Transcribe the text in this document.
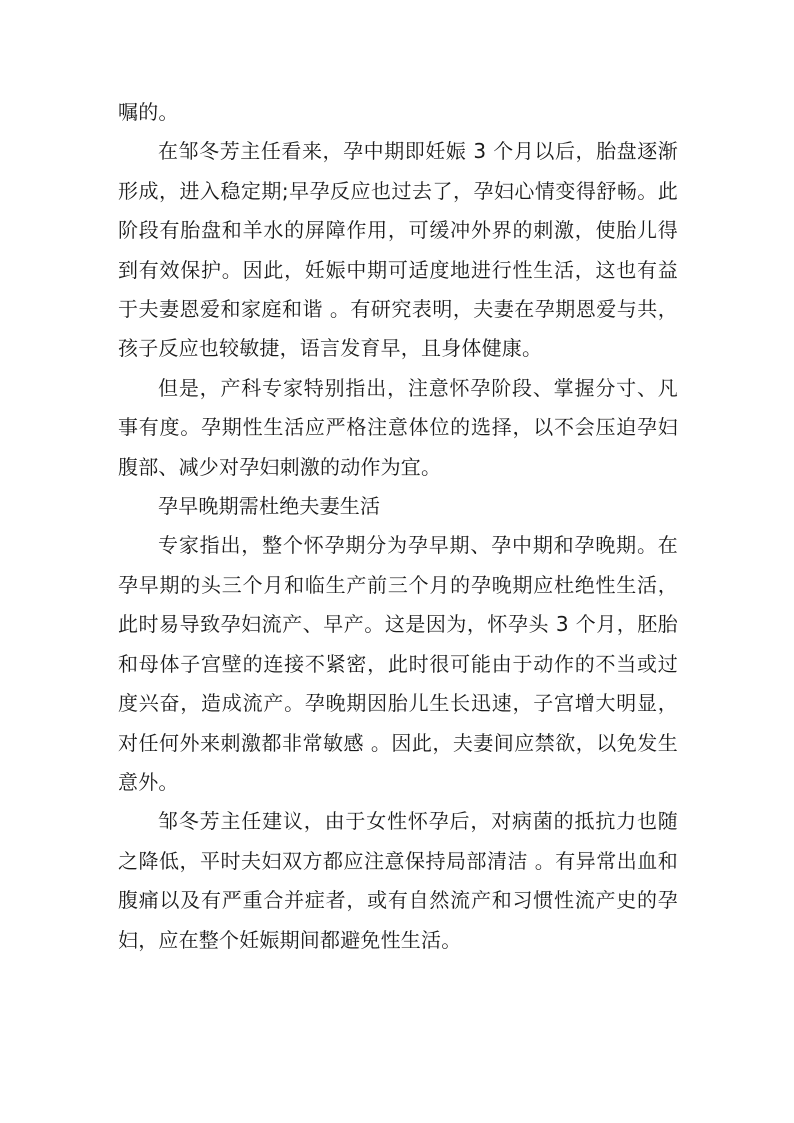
嘱的。

在邹冬芳主任看来，孕中期即妊娠 3 个月以后，胎盘逐渐形成，进入稳定期;早孕反应也过去了，孕妇心情变得舒畅。此阶段有胎盘和羊水的屏障作用，可缓冲外界的刺激，使胎儿得到有效保护。因此，妊娠中期可适度地进行性生活，这也有益于夫妻恩爱和家庭和谐 。有研究表明，夫妻在孕期恩爱与共，孩子反应也较敏捷，语言发育早，且身体健康。

但是，产科专家特别指出，注意怀孕阶段、掌握分寸、凡事有度。孕期性生活应严格注意体位的选择，以不会压迫孕妇腹部、减少对孕妇刺激的动作为宜。

孕早晚期需杜绝夫妻生活

专家指出，整个怀孕期分为孕早期、孕中期和孕晚期。在孕早期的头三个月和临生产前三个月的孕晚期应杜绝性生活，此时易导致孕妇流产、早产。这是因为，怀孕头 3 个月，胚胎和母体子宫壁的连接不紧密，此时很可能由于动作的不当或过度兴奋，造成流产。孕晚期因胎儿生长迅速，子宫增大明显，对任何外来刺激都非常敏感 。因此，夫妻间应禁欲，以免发生意外。

邹冬芳主任建议，由于女性怀孕后，对病菌的抵抗力也随之降低，平时夫妇双方都应注意保持局部清洁 。有异常出血和腹痛以及有严重合并症者，或有自然流产和习惯性流产史的孕妇，应在整个妊娠期间都避免性生活。
